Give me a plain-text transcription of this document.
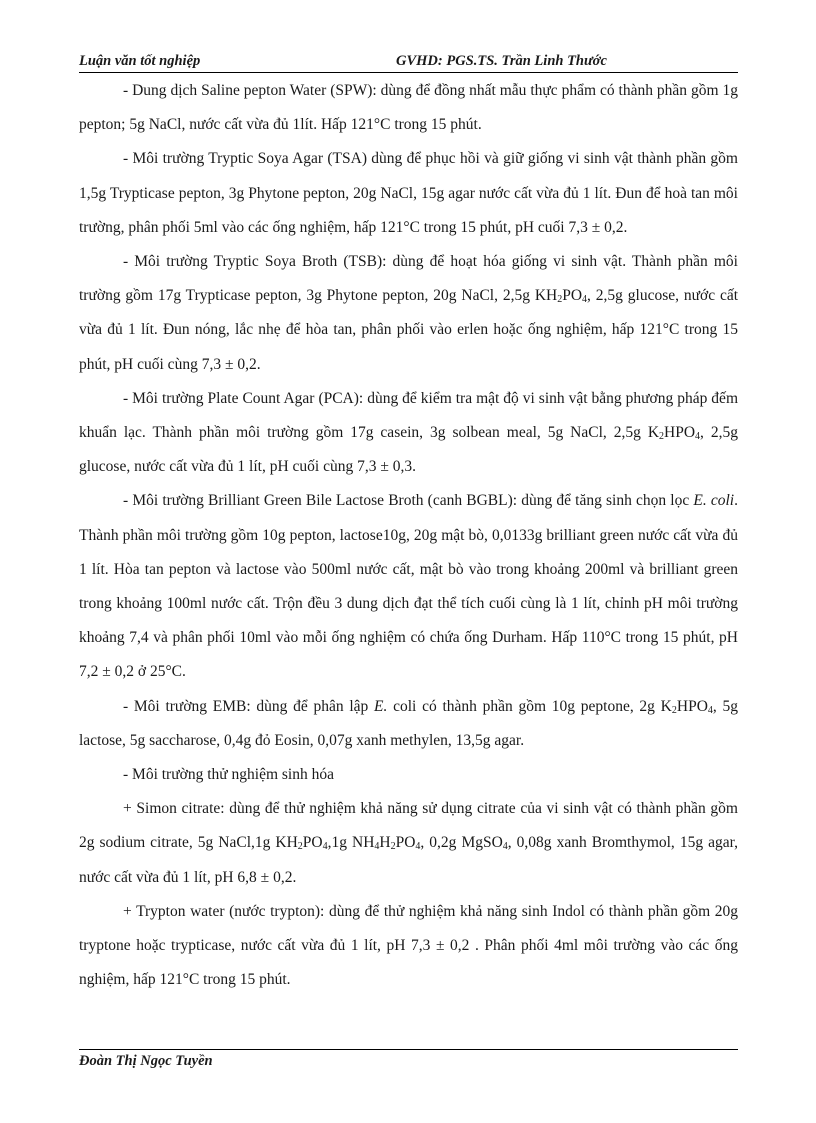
Luận văn tốt nghiệp	GVHD: PGS.TS. Trần Linh Thước

- Dung dịch Saline pepton Water (SPW): dùng để đồng nhất mẫu thực phẩm có thành phần gồm 1g pepton; 5g NaCl, nước cất vừa đủ 1lít. Hấp 121°C trong 15 phút.

- Môi trường Tryptic Soya Agar (TSA) dùng để phục hồi và giữ giống vi sinh vật thành phần gồm 1,5g Trypticase pepton, 3g Phytone pepton, 20g NaCl, 15g agar nước cất vừa đủ 1 lít. Đun để hoà tan môi trường, phân phối 5ml vào các ống nghiệm, hấp 121°C trong 15 phút, pH cuối 7,3 ± 0,2.

- Môi trường Tryptic Soya Broth (TSB): dùng để hoạt hóa giống vi sinh vật. Thành phần môi trường gồm 17g Trypticase pepton, 3g Phytone pepton, 20g NaCl, 2,5g $KH_2PO_4$, 2,5g glucose, nước cất vừa đủ 1 lít. Đun nóng, lắc nhẹ để hòa tan, phân phối vào erlen hoặc ống nghiệm, hấp 121°C trong 15 phút, pH cuối cùng 7,3 ± 0,2.

- Môi trường Plate Count Agar (PCA): dùng để kiểm tra mật độ vi sinh vật bằng phương pháp đếm khuẩn lạc. Thành phần môi trường gồm 17g casein, 3g solbean meal, 5g NaCl, 2,5g $K_2HPO_4$, 2,5g glucose, nước cất vừa đủ 1 lít, pH cuối cùng 7,3 ± 0,3.

- Môi trường Brilliant Green Bile Lactose Broth (canh BGBL): dùng để tăng sinh chọn lọc E. coli. Thành phần môi trường gồm 10g pepton, lactose10g, 20g mật bò, 0,0133g brilliant green nước cất vừa đủ 1 lít. Hòa tan pepton và lactose vào 500ml nước cất, mật bò vào trong khoảng 200ml và brilliant green trong khoảng 100ml nước cất. Trộn đều 3 dung dịch đạt thể tích cuối cùng là 1 lít, chỉnh pH môi trường khoảng 7,4 và phân phối 10ml vào mỗi ống nghiệm có chứa ống Durham. Hấp 110°C trong 15 phút, pH 7,2 ± 0,2 ở 25°C.

- Môi trường EMB: dùng để phân lập E. coli có thành phần gồm 10g peptone, 2g $K_2HPO_4$, 5g lactose, 5g saccharose, 0,4g đỏ Eosin, 0,07g xanh methylen, 13,5g agar.

- Môi trường thử nghiệm sinh hóa

+ Simon citrate: dùng để thử nghiệm khả năng sử dụng citrate của vi sinh vật có thành phần gồm 2g sodium citrate, 5g NaCl,1g $KH_2PO_4,1g$ $NH_4H_2PO_4$, 0,2g MgSO$_4$, 0,08g xanh Bromthymol, 15g agar, nước cất vừa đủ 1 lít, pH 6,8 ± 0,2.

+ Trypton water (nước trypton): dùng để thử nghiệm khả năng sinh Indol có thành phần gồm 20g tryptone hoặc trypticase, nước cất vừa đủ 1 lít, pH 7,3 ± 0,2 . Phân phối 4ml môi trường vào các ống nghiệm, hấp 121°C trong 15 phút.

Đoàn Thị Ngọc Tuyền
